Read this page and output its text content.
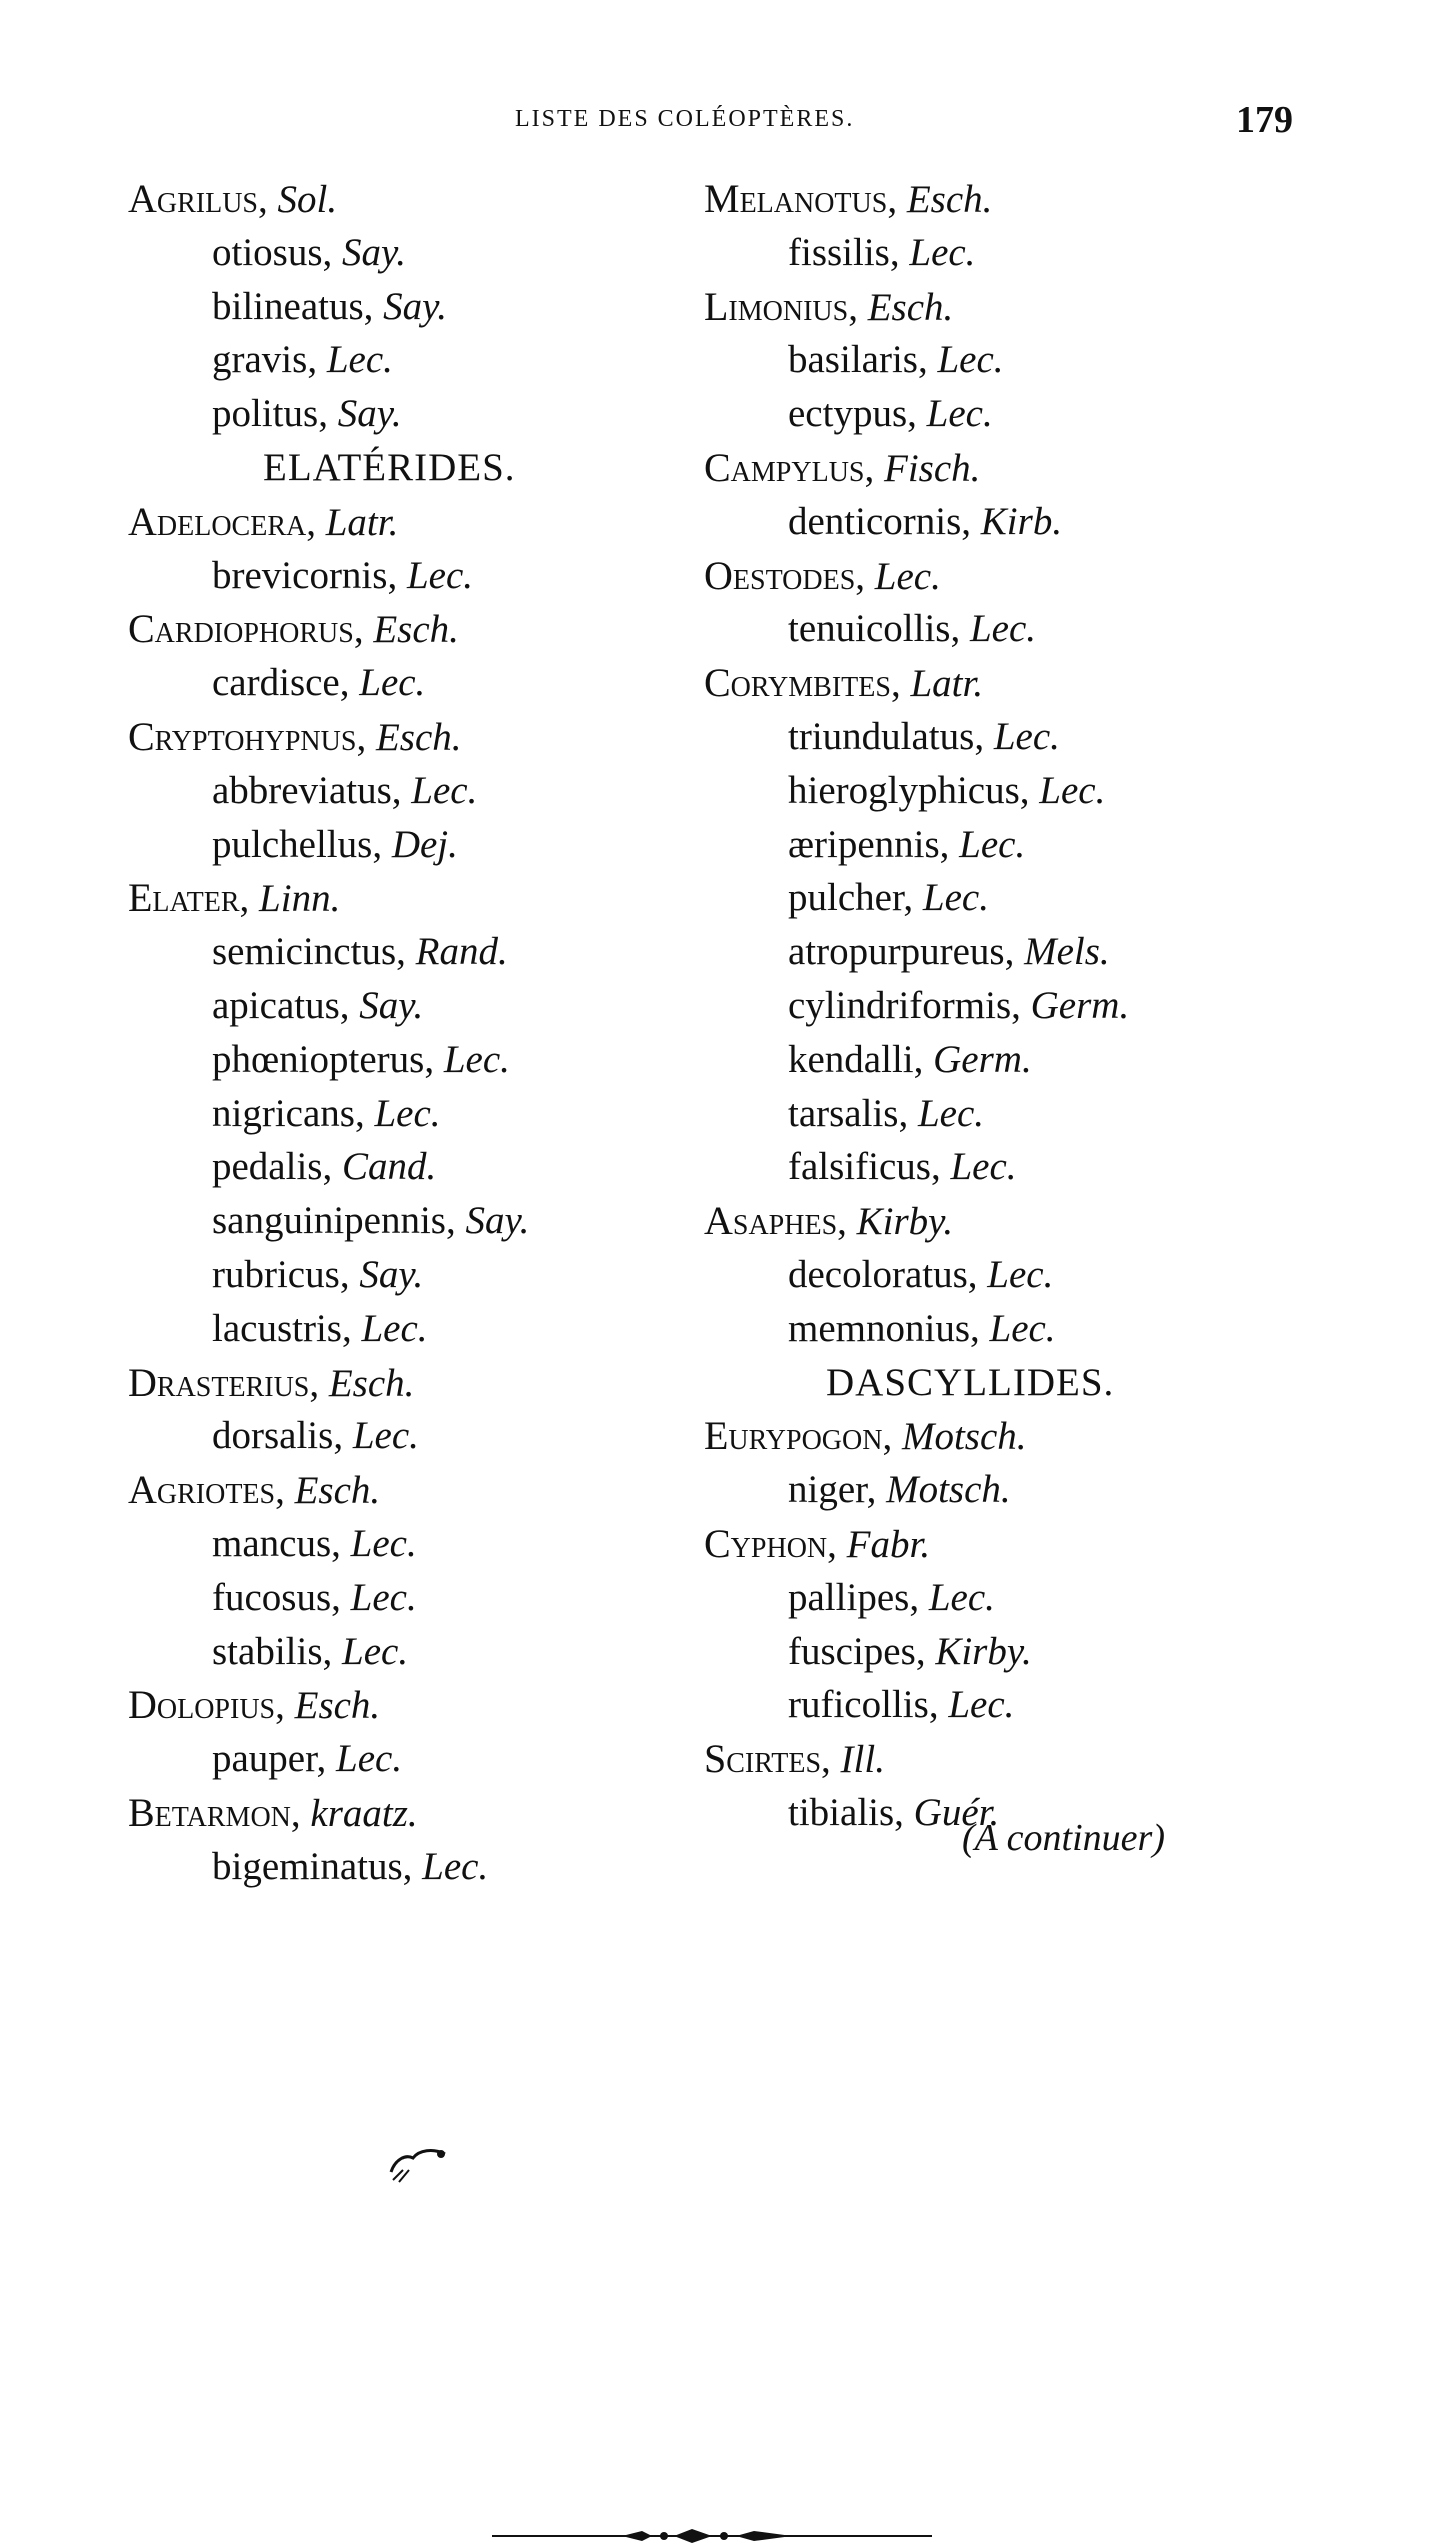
LISTE DES COLÉOPTÈRES.	179
Agrilus, Sol.
otiosus, Say.
bilineatus, Say.
gravis, Lec.
politus, Say.
ELATÉRIDES.
Adelocera, Latr.
brevicornis, Lec.
Cardiophorus, Esch.
cardisce, Lec.
Cryptohypnus, Esch.
abbreviatus, Lec.
pulchellus, Dej.
Elater, Linn.
semicinctus, Rand.
apicatus, Say.
phœniopterus, Lec.
nigricans, Lec.
pedalis, Cand.
sanguinipennis, Say.
rubricus, Say.
lacustris, Lec.
Drasterius, Esch.
dorsalis, Lec.
Agriotes, Esch.
mancus, Lec.
fucosus, Lec.
stabilis, Lec.
Dolopius, Esch.
pauper, Lec.
Betarmon, kraatz.
bigeminatus, Lec.
Melanotus, Esch.
fissilis, Lec.
Limonius, Esch.
basilaris, Lec.
ectypus, Lec.
Campylus, Fisch.
denticornis, Kirb.
Oestodes, Lec.
tenuicollis, Lec.
Corymbites, Latr.
triundulatus, Lec.
hieroglyphicus, Lec.
æripennis, Lec.
pulcher, Lec.
atropurpureus, Mels.
cylindriformis, Germ.
kendalli, Germ.
tarsalis, Lec.
falsificus, Lec.
Asaphes, Kirby.
decoloratus, Lec.
memnonius, Lec.
DASCYLLIDES.
Eurypogon, Motsch.
niger, Motsch.
Cyphon, Fabr.
pallipes, Lec.
fuscipes, Kirby.
ruficollis, Lec.
Scirtes, Ill.
tibialis, Guér.
(A continuer)
